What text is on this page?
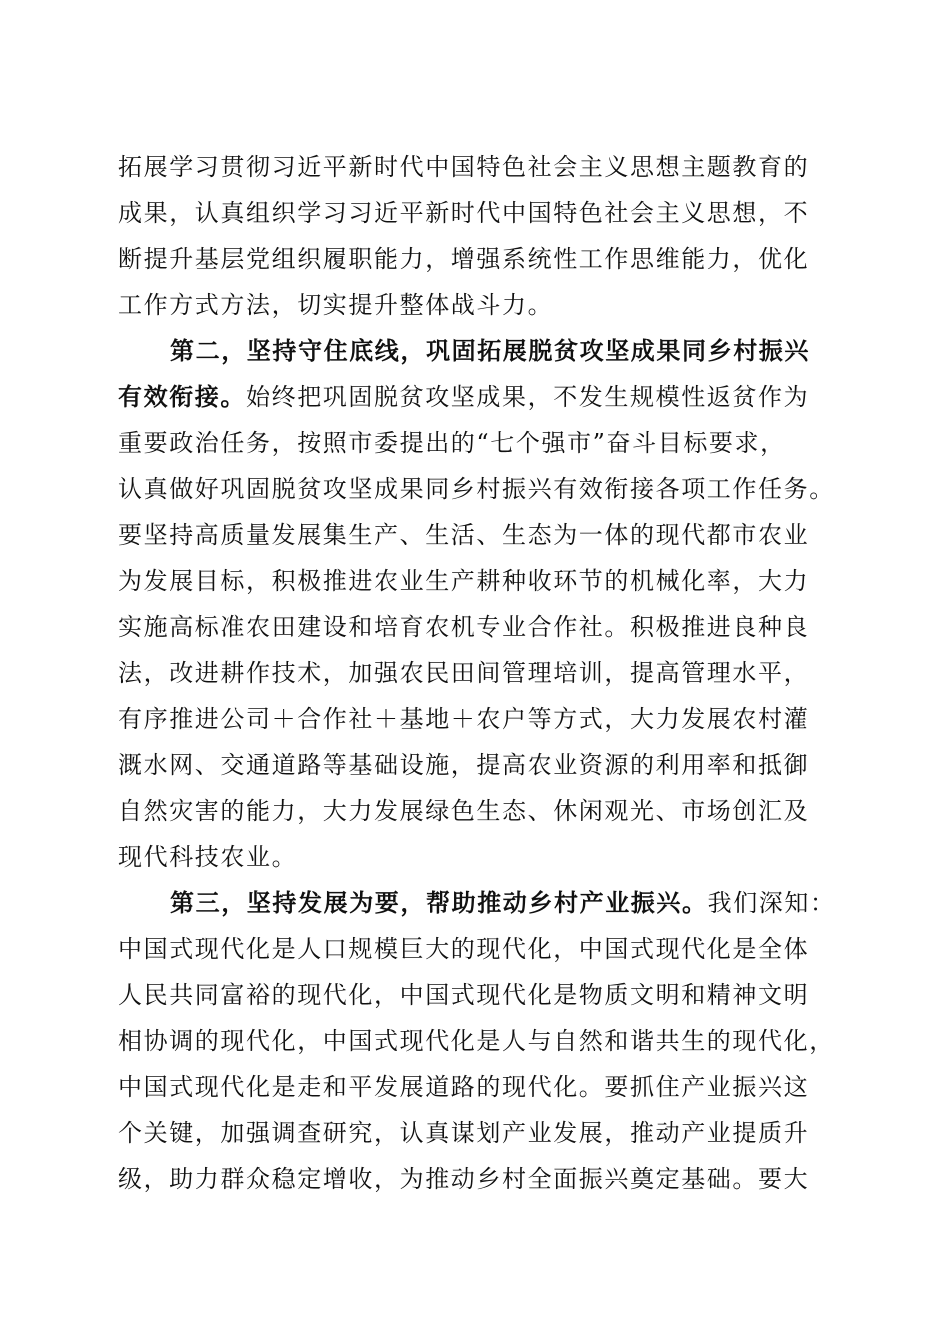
拓展学习贯彻习近平新时代中国特色社会主义思想主题教育的
成果，认真组织学习习近平新时代中国特色社会主义思想，不
断提升基层党组织履职能力，增强系统性工作思维能力，优化
工作方式方法，切实提升整体战斗力。
第二，坚持守住底线，巩固拓展脱贫攻坚成果同乡村振兴
有效衔接。始终把巩固脱贫攻坚成果，不发生规模性返贫作为
重要政治任务，按照市委提出的“七个强市”奋斗目标要求，
认真做好巩固脱贫攻坚成果同乡村振兴有效衔接各项工作任务。
要坚持高质量发展集生产、生活、生态为一体的现代都市农业
为发展目标，积极推进农业生产耕种收环节的机械化率，大力
实施高标准农田建设和培育农机专业合作社。积极推进良种良
法，改进耕作技术，加强农民田间管理培训，提高管理水平，
有序推进公司＋合作社＋基地＋农户等方式，大力发展农村灌
溉水网、交通道路等基础设施，提高农业资源的利用率和抵御
自然灾害的能力，大力发展绿色生态、休闲观光、市场创汇及
现代科技农业。
第三，坚持发展为要，帮助推动乡村产业振兴。我们深知：
中国式现代化是人口规模巨大的现代化，中国式现代化是全体
人民共同富裕的现代化，中国式现代化是物质文明和精神文明
相协调的现代化，中国式现代化是人与自然和谐共生的现代化，
中国式现代化是走和平发展道路的现代化。要抓住产业振兴这
个关键，加强调查研究，认真谋划产业发展，推动产业提质升
级，助力群众稳定增收，为推动乡村全面振兴奠定基础。要大
